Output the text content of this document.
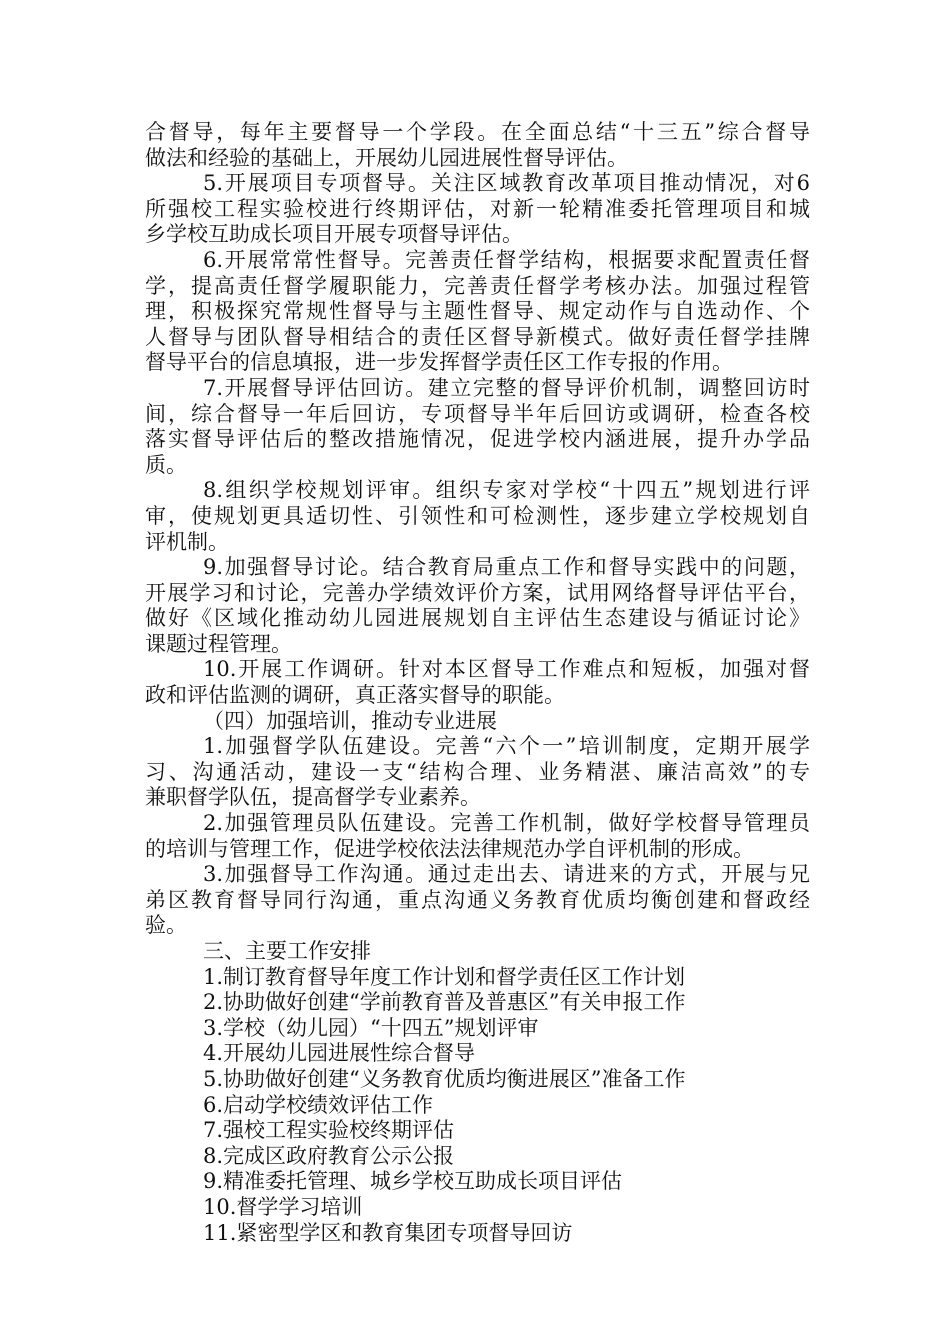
合督导，每年主要督导一个学段。在全面总结“十三五”综合督导
做法和经验的基础上，开展幼儿园进展性督导评估。
5.开展项目专项督导。关注区域教育改革项目推动情况，对6
所强校工程实验校进行终期评估，对新一轮精准委托管理项目和城
乡学校互助成长项目开展专项督导评估。
6.开展常常性督导。完善责任督学结构，根据要求配置责任督
学，提高责任督学履职能力，完善责任督学考核办法。加强过程管
理，积极探究常规性督导与主题性督导、规定动作与自选动作、个
人督导与团队督导相结合的责任区督导新模式。做好责任督学挂牌
督导平台的信息填报，进一步发挥督学责任区工作专报的作用。
7.开展督导评估回访。建立完整的督导评价机制，调整回访时
间，综合督导一年后回访，专项督导半年后回访或调研，检查各校
落实督导评估后的整改措施情况，促进学校内涵进展，提升办学品
质。
8.组织学校规划评审。组织专家对学校“十四五”规划进行评
审，使规划更具适切性、引领性和可检测性，逐步建立学校规划自
评机制。
9.加强督导讨论。结合教育局重点工作和督导实践中的问题，
开展学习和讨论，完善办学绩效评价方案，试用网络督导评估平台，
做好《区域化推动幼儿园进展规划自主评估生态建设与循证讨论》
课题过程管理。
10.开展工作调研。针对本区督导工作难点和短板，加强对督
政和评估监测的调研，真正落实督导的职能。
（四）加强培训，推动专业进展
1.加强督学队伍建设。完善“六个一”培训制度，定期开展学
习、沟通活动，建设一支“结构合理、业务精湛、廉洁高效”的专
兼职督学队伍，提高督学专业素养。
2.加强管理员队伍建设。完善工作机制，做好学校督导管理员
的培训与管理工作，促进学校依法法律规范办学自评机制的形成。
3.加强督导工作沟通。通过走出去、请进来的方式，开展与兄
弟区教育督导同行沟通，重点沟通义务教育优质均衡创建和督政经
验。
三、主要工作安排
1.制订教育督导年度工作计划和督学责任区工作计划
2.协助做好创建“学前教育普及普惠区”有关申报工作
3.学校（幼儿园）“十四五”规划评审
4.开展幼儿园进展性综合督导
5.协助做好创建“义务教育优质均衡进展区”准备工作
6.启动学校绩效评估工作
7.强校工程实验校终期评估
8.完成区政府教育公示公报
9.精准委托管理、城乡学校互助成长项目评估
10.督学学习培训
11.紧密型学区和教育集团专项督导回访
